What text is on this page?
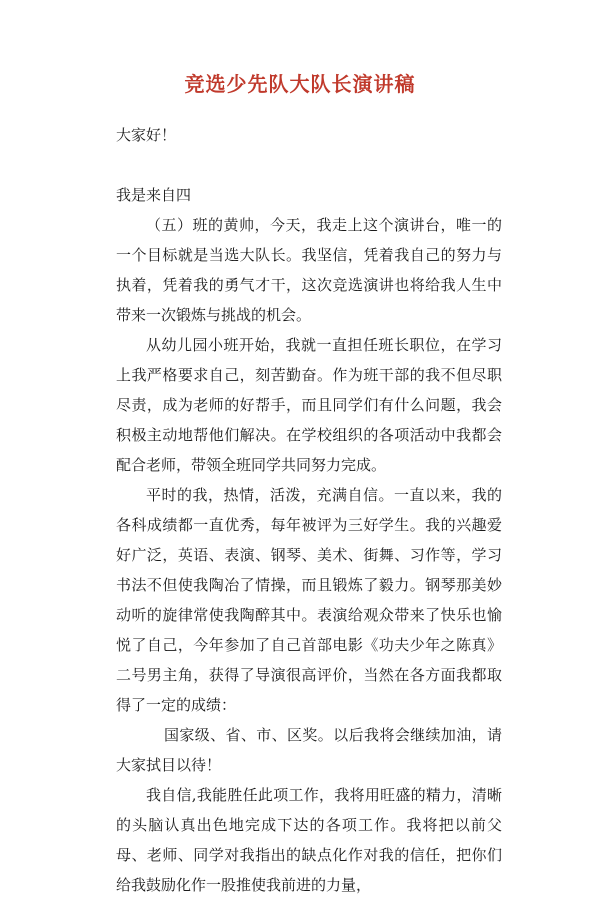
竞选少先队大队长演讲稿

大家好！

我是来自四

（五）班的黄帅，今天，我走上这个演讲台，唯一的一个目标就是当选大队长。我坚信，凭着我自己的努力与执着，凭着我的勇气才干，这次竞选演讲也将给我人生中带来一次锻炼与挑战的机会。

从幼儿园小班开始，我就一直担任班长职位，在学习上我严格要求自己，刻苦勤奋。作为班干部的我不但尽职尽责，成为老师的好帮手，而且同学们有什么问题，我会积极主动地帮他们解决。在学校组织的各项活动中我都会配合老师，带领全班同学共同努力完成。

平时的我，热情，活泼，充满自信。一直以来，我的各科成绩都一直优秀，每年被评为三好学生。我的兴趣爱好广泛，英语、表演、钢琴、美术、街舞、习作等，学习书法不但使我陶冶了情操，而且锻炼了毅力。钢琴那美妙动听的旋律常使我陶醉其中。表演给观众带来了快乐也愉悦了自己，今年参加了自己首部电影《功夫少年之陈真》二号男主角，获得了导演很高评价，当然在各方面我都取得了一定的成绩：

国家级、省、市、区奖。以后我将会继续加油，请大家拭目以待！

我自信,我能胜任此项工作，我将用旺盛的精力，清晰的头脑认真出色地完成下达的各项工作。我将把以前父母、老师、同学对我指出的缺点化作对我的信任，把你们给我鼓励化作一股推使我前进的力量，
